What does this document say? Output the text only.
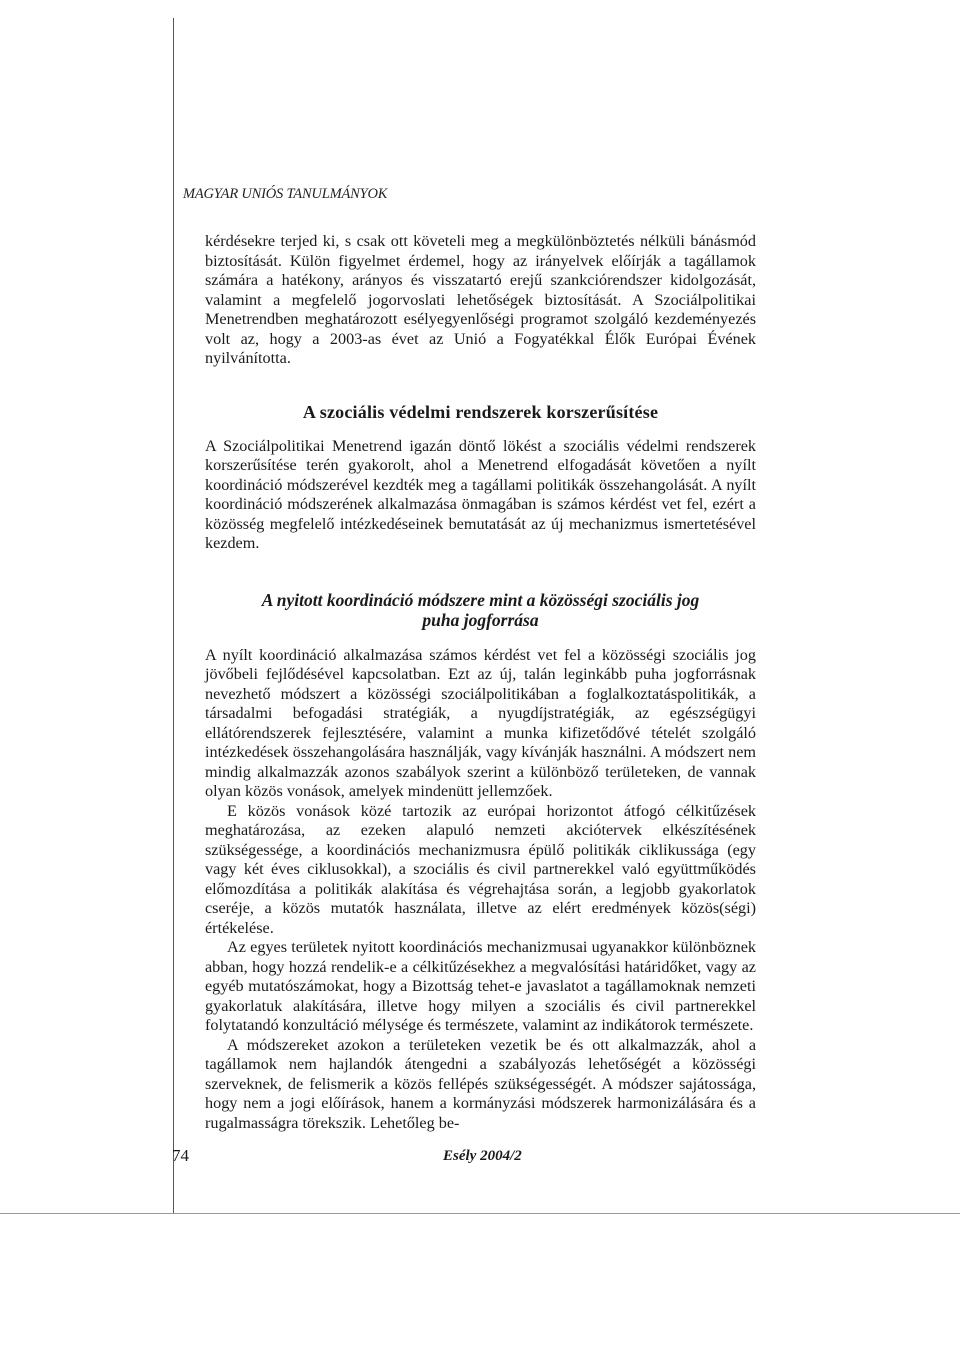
MAGYAR UNIÓS TANULMÁNYOK

kérdésekre terjed ki, s csak ott követeli meg a megkülönböztetés nélküli bánásmód biztosítását. Külön figyelmet érdemel, hogy az irányelvek előírják a tagállamok számára a hatékony, arányos és visszatartó erejű szankciórendszer kidolgozását, valamint a megfelelő jogorvoslati lehetőségek biztosítását. A Szociálpolitikai Menetrendben meghatározott esélyegyenlőségi programot szolgáló kezdeményezés volt az, hogy a 2003-as évet az Unió a Fogyatékkal Élők Európai Évének nyilvánította.

A szociális védelmi rendszerek korszerűsítése

A Szociálpolitikai Menetrend igazán döntő lökést a szociális védelmi rendszerek korszerűsítése terén gyakorolt, ahol a Menetrend elfogadását követően a nyílt koordináció módszerével kezdték meg a tagállami politikák összehangolását. A nyílt koordináció módszerének alkalmazása önmagában is számos kérdést vet fel, ezért a közösség megfelelő intézkedéseinek bemutatását az új mechanizmus ismertetésével kezdem.

A nyitott koordináció módszere mint a közösségi szociális jog
puha jogforrása

A nyílt koordináció alkalmazása számos kérdést vet fel a közösségi szociális jog jövőbeli fejlődésével kapcsolatban. Ezt az új, talán leginkább puha jogforrásnak nevezhető módszert a közösségi szociálpolitikában a foglalkoztatáspolitikák, a társadalmi befogadási stratégiák, a nyugdíjstratégiák, az egészségügyi ellátórendszerek fejlesztésére, valamint a munka kifizetődővé tételét szolgáló intézkedések összehangolására használják, vagy kívánják használni. A módszert nem mindig alkalmazzák azonos szabályok szerint a különböző területeken, de vannak olyan közös vonások, amelyek mindenütt jellemzőek.

E közös vonások közé tartozik az európai horizontot átfogó célkitűzések meghatározása, az ezeken alapuló nemzeti akciótervek elkészítésének szükségessége, a koordinációs mechanizmusra épülő politikák ciklikussága (egy vagy két éves ciklusokkal), a szociális és civil partnerekkel való együttműködés előmozdítása a politikák alakítása és végrehajtása során, a legjobb gyakorlatok cseréje, a közös mutatók használata, illetve az elért eredmények közös(ségi) értékelése.

Az egyes területek nyitott koordinációs mechanizmusai ugyanakkor különböznek abban, hogy hozzá rendelik-e a célkitűzésekhez a megvalósítási határidőket, vagy az egyéb mutatószámokat, hogy a Bizottság tehet-e javaslatot a tagállamoknak nemzeti gyakorlatuk alakítására, illetve hogy milyen a szociális és civil partnerekkel folytatandó konzultáció mélysége és természete, valamint az indikátorok természete.

A módszereket azokon a területeken vezetik be és ott alkalmazzák, ahol a tagállamok nem hajlandók átengedni a szabályozás lehetőségét a közösségi szerveknek, de felismerik a közös fellépés szükségességét. A módszer sajátossága, hogy nem a jogi előírások, hanem a kormányzási módszerek harmonizálására és a rugalmasságra törekszik. Lehetőleg be-

74	Esély 2004/2
